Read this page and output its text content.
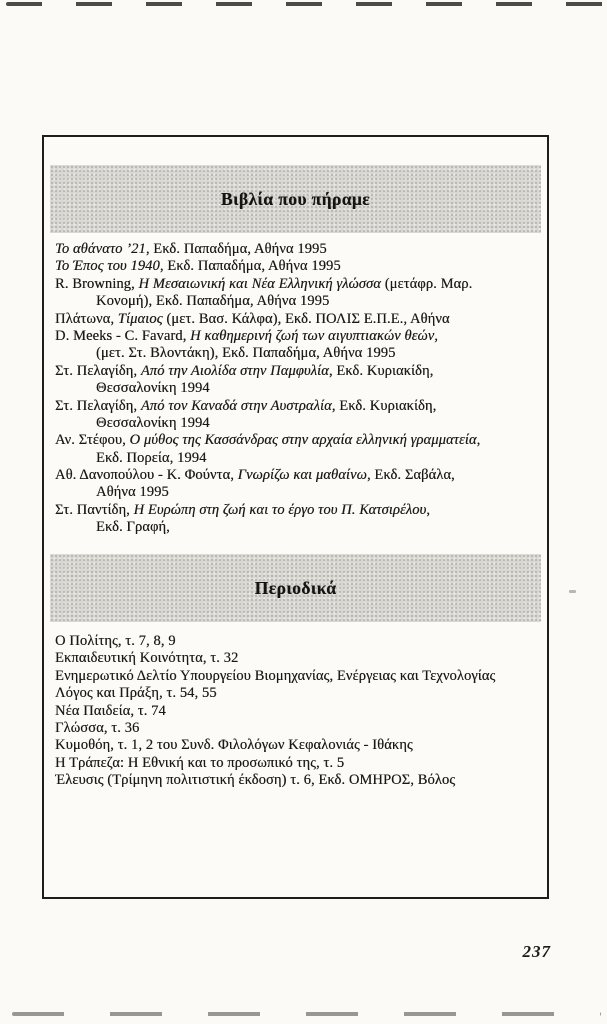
Βιβλία που πήραμε
Το αθάνατο ’21, Εκδ. Παπαδήμα, Αθήνα 1995
Το Έπος του 1940, Εκδ. Παπαδήμα, Αθήνα 1995
R. Browning, Η Μεσαιωνική και Νέα Ελληνική γλώσσα (μετάφρ. Μαρ.
Κονομή), Εκδ. Παπαδήμα, Αθήνα 1995
Πλάτωνα, Τίμαιος (μετ. Βασ. Κάλφα), Εκδ. ΠΟΛΙΣ Ε.Π.Ε., Αθήνα
D. Meeks - C. Favard, Η καθημερινή ζωή των αιγυπτιακών θεών,
(μετ. Στ. Βλοντάκη), Εκδ. Παπαδήμα, Αθήνα 1995
Στ. Πελαγίδη, Από την Αιολίδα στην Παμφυλία, Εκδ. Κυριακίδη,
Θεσσαλονίκη 1994
Στ. Πελαγίδη, Από τον Καναδά στην Αυστραλία, Εκδ. Κυριακίδη,
Θεσσαλονίκη 1994
Αν. Στέφου, Ο μύθος της Κασσάνδρας στην αρχαία ελληνική γραμματεία,
Εκδ. Πορεία, 1994
Αθ. Δανοπούλου - Κ. Φούντα, Γνωρίζω και μαθαίνω, Εκδ. Σαβάλα,
Αθήνα 1995
Στ. Παντίδη, Η Ευρώπη στη ζωή και το έργο του Π. Κατσιρέλου,
Εκδ. Γραφή,
Περιοδικά
Ο Πολίτης, τ. 7, 8, 9
Εκπαιδευτική Κοινότητα, τ. 32
Ενημερωτικό Δελτίο Υπουργείου Βιομηχανίας, Ενέργειας και Τεχνολογίας
Λόγος και Πράξη, τ. 54, 55
Νέα Παιδεία, τ. 74
Γλώσσα, τ. 36
Κυμοθόη, τ. 1, 2 του Συνδ. Φιλολόγων Κεφαλονιάς - Ιθάκης
Η Τράπεζα: Η Εθνική και το προσωπικό της, τ. 5
Έλευσις (Τρίμηνη πολιτιστική έκδοση) τ. 6, Εκδ. ΟΜΗΡΟΣ, Βόλος
237
